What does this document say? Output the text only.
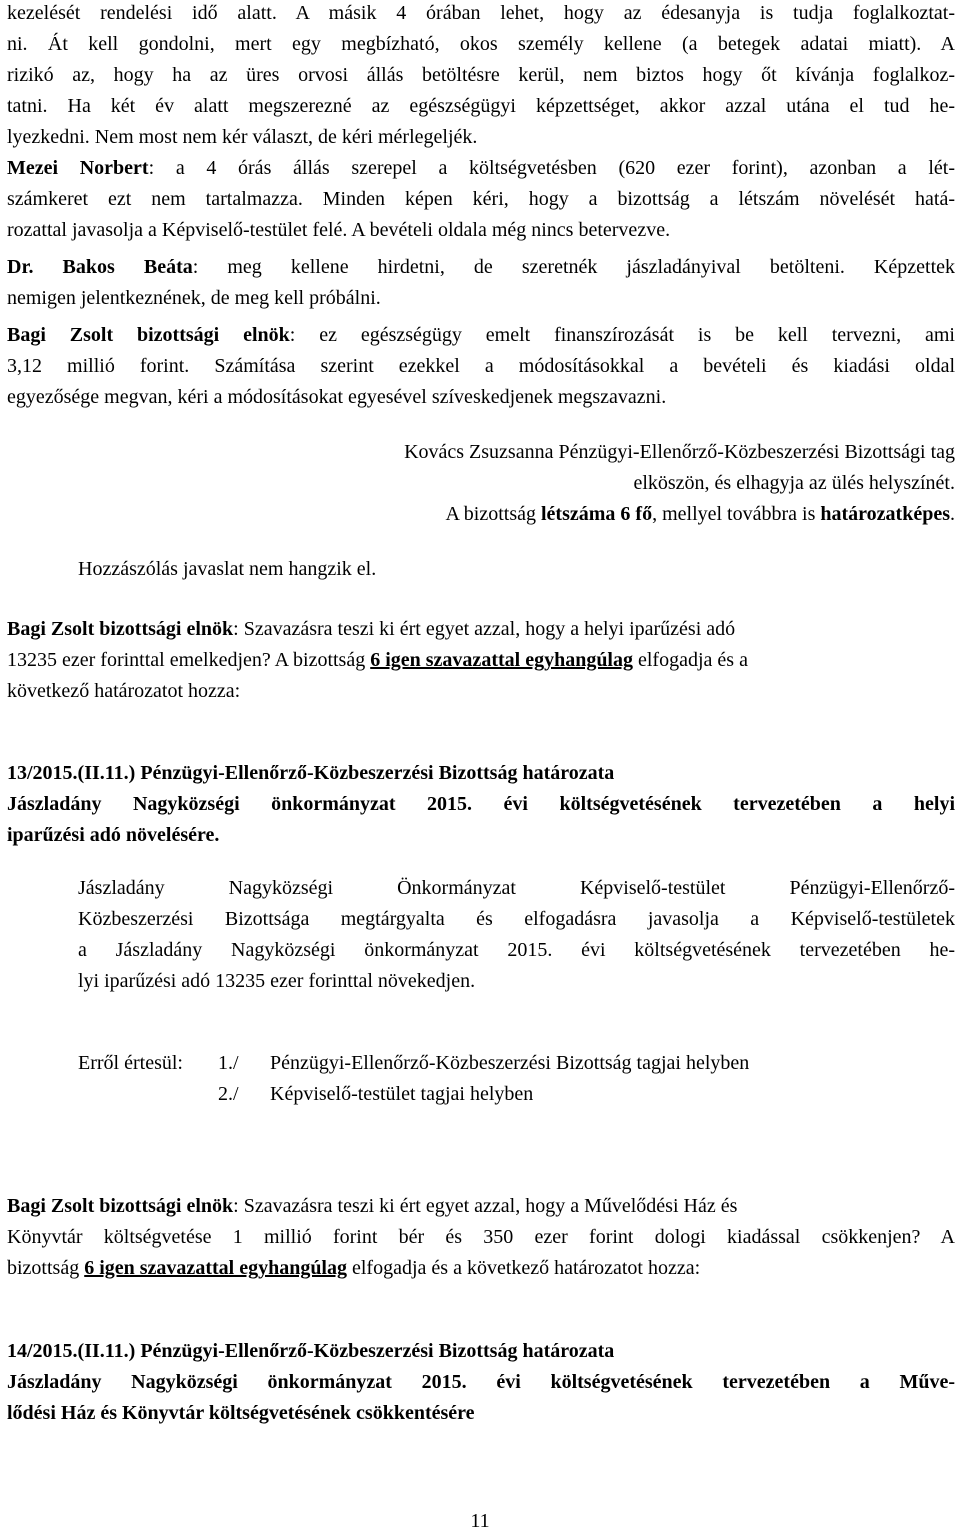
kezelését rendelési idő alatt. A másik 4 órában lehet, hogy az édesanyja is tudja foglalkoztat-
ni. Át kell gondolni, mert egy megbízható, okos személy kellene (a betegek adatai miatt). A
rizikó az, hogy ha az üres orvosi állás betöltésre kerül, nem biztos hogy őt kívánja foglalkoz-
tatni. Ha két év alatt megszerezné az egészségügyi képzettséget, akkor azzal utána el tud he-
lyezkedni. Nem most nem kér választ, de kéri mérlegeljék.
Mezei Norbert: a 4 órás állás szerepel a költségvetésben (620 ezer forint), azonban a lét-
számkeret ezt nem tartalmazza. Minden képen kéri, hogy a bizottság a létszám növelését hatá-
rozattal javasolja a Képviselő-testület felé. A bevételi oldala még nincs betervezve.
Dr. Bakos Beáta: meg kellene hirdetni, de szeretnék jászladányival betölteni. Képzettek
nemigen jelentkeznének, de meg kell próbálni.
Bagi Zsolt bizottsági elnök: ez egészségügy emelt finanszírozását is be kell tervezni, ami
3,12 millió forint. Számítása szerint ezekkel a módosításokkal a bevételi és kiadási oldal
egyezősége megvan, kéri a módosításokat egyesével szíveskedjenek megszavazni.
Kovács Zsuzsanna Pénzügyi-Ellenőrző-Közbeszerzési Bizottsági tag
elköszön, és elhagyja az ülés helyszínét.
A bizottság létszáma 6 fő, mellyel továbbra is határozatképes.
Hozzászólás javaslat nem hangzik el.
Bagi Zsolt bizottsági elnök: Szavazásra teszi ki ért egyet azzal, hogy a helyi iparűzési adó
13235 ezer forinttal emelkedjen? A bizottság 6 igen szavazattal egyhangúlag elfogadja és a
következő határozatot hozza:
13/2015.(II.11.) Pénzügyi-Ellenőrző-Közbeszerzési Bizottság határozata
Jászladány Nagyközségi önkormányzat 2015. évi költségvetésének tervezetében a helyi
iparűzési adó növelésére.
Jászladány Nagyközségi Önkormányzat Képviselő-testület Pénzügyi-Ellenőrző-
Közbeszerzési Bizottsága megtárgyalta és elfogadásra javasolja a Képviselő-testületek
a Jászladány Nagyközségi önkormányzat 2015. évi költségvetésének tervezetében he-
lyi iparűzési adó 13235 ezer forinttal növekedjen.
Erről értesül: 1./ Pénzügyi-Ellenőrző-Közbeszerzési Bizottság tagjai helyben
2./ Képviselő-testület tagjai helyben
Bagi Zsolt bizottsági elnök: Szavazásra teszi ki ért egyet azzal, hogy a Művelődési Ház és
Könyvtár költségvetése 1 millió forint bér és 350 ezer forint dologi kiadással csökkenjen? A
bizottság 6 igen szavazattal egyhangúlag elfogadja és a következő határozatot hozza:
14/2015.(II.11.) Pénzügyi-Ellenőrző-Közbeszerzési Bizottság határozata
Jászladány Nagyközségi önkormányzat 2015. évi költségvetésének tervezetében a Műve-
lődési Ház és Könyvtár költségvetésének csökkentésére
11
